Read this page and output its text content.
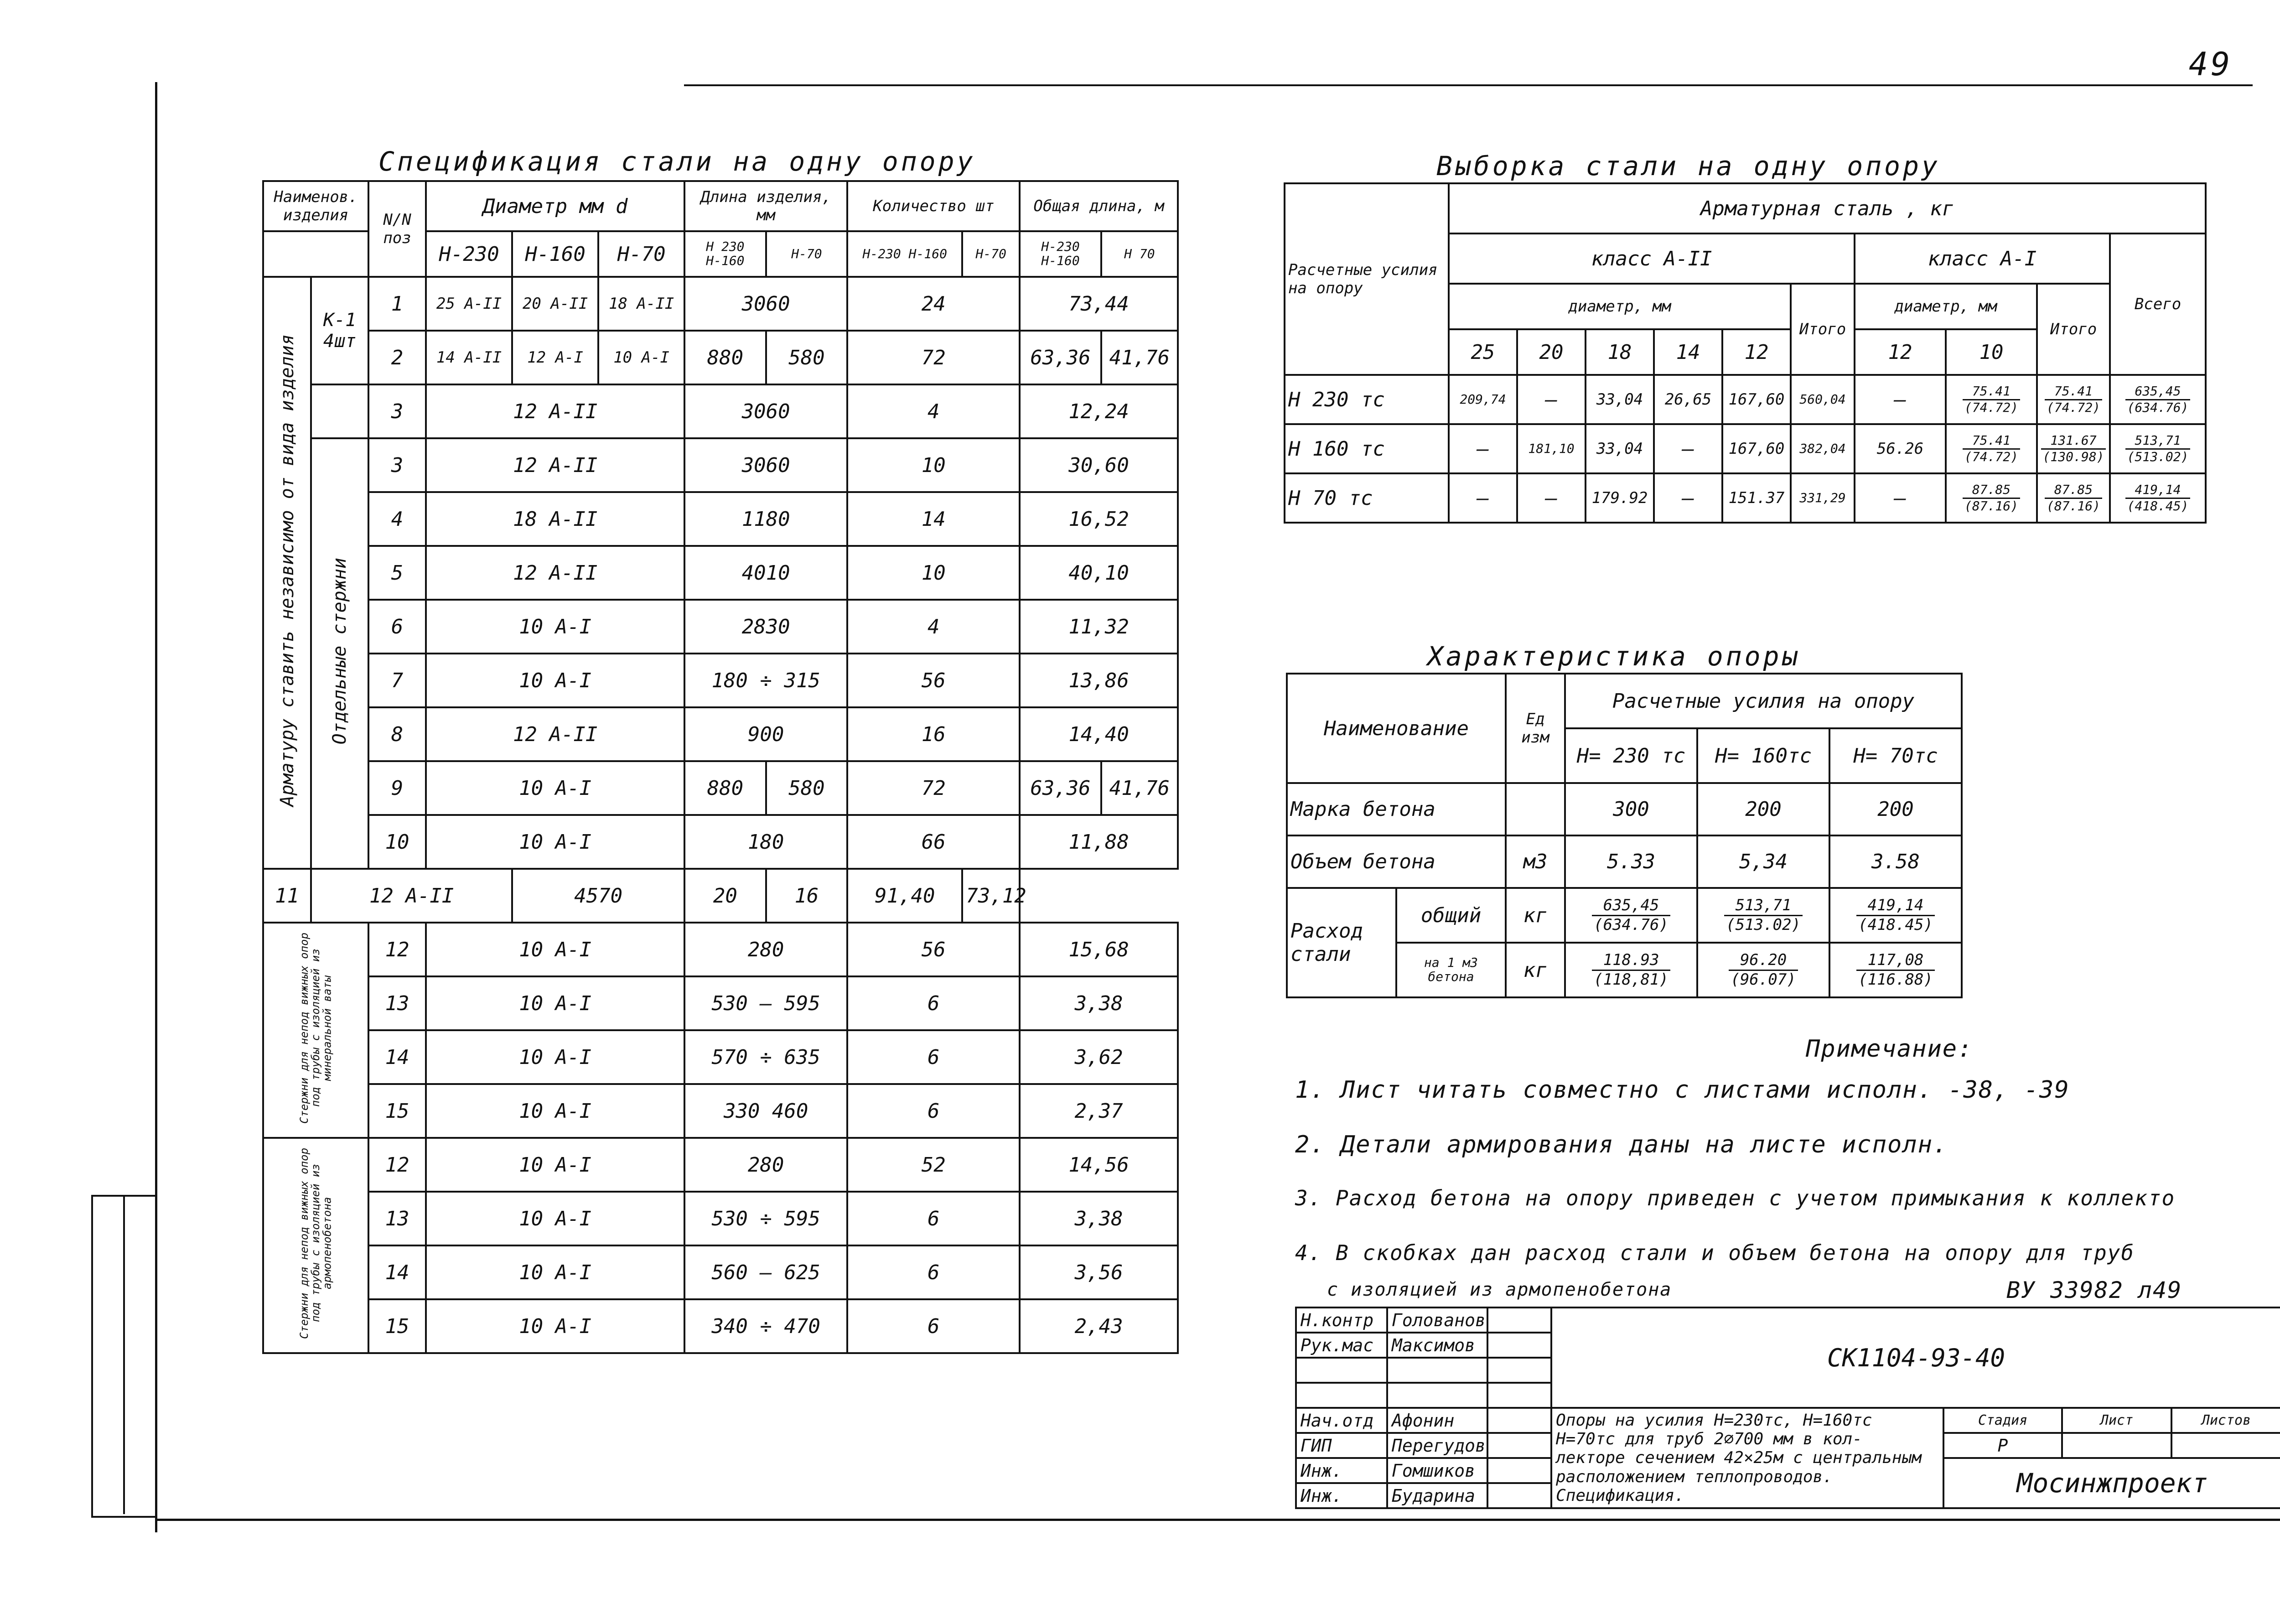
49
Спецификация стали на одну опору
Наименов. изделия		N/N поз	Диаметр мм d			Длина изделия, мм		Количество шт		Общая длина, м	
			Н-230	Н-160	Н-70	Н 230 Н-160	Н-70	Н-230 Н-160	Н-70	Н-230 Н-160	Н 70
Арматуру ставить независимо от вида изделия	К-1 4шт	1	25 А-II	20 А-II	18 А-II	3060		24		73,44	
		2	14 А-II	12 А-I	10 А-I	880	580	72		63,36	41,76
		3	12 А-II			3060		4		12,24	
	Отдельные стержни	3	12 А-II			3060		10		30,60	
		4	18 А-II			1180		14		16,52	
		5	12 А-II			4010		10		40,10	
		6	10 А-I			2830		4		11,32	
		7	10 А-I			180 ÷ 315		56		13,86	
		8	12 А-II			900		16		14,40	
		9	10 А-I			880	580	72		63,36	41,76
		10	10 А-I			180		66		11,88	
11	12 А-II			4570		20	16	91,40	73,12		
Стержни для непод вижных опор под трубы с изоляцией из минеральной ваты		12	10 А-I			280		56		15,68	
		13	10 А-I			530 — 595		6		3,38	
		14	10 А-I			570 ÷ 635		6		3,62	
		15	10 А-I			330 460		6		2,37	
Стержни для непод вижных опор под трубы с изоляцией из армопенобетона		12	10 А-I			280		52		14,56	
		13	10 А-I			530 ÷ 595		6		3,38	
		14	10 А-I			560 — 625		6		3,56	
		15	10 А-I			340 ÷ 470		6		2,43	
Выборка стали на одну опору
Расчетные усилия на опору	Арматурная сталь , кг									
	класс А-II						класс А-I			Всего
	диаметр, мм					Итого	диаметр, мм		Итого	
	25	20	18	14	12		12	10		
Н 230 тс	209,74	—	33,04	26,65	167,60	560,04	—	$\frac{75.41}{(74.72)}$	$\frac{75.41}{(74.72)}$	$\frac{635,45}{(634.76)}$

Н 160 тс	—	181,10	33,04	—	167,60	382,04	56.26	$\frac{75.41}{(74.72)}$	$\frac{131.67}{(130.98)}$	$\frac{513,71}{(513.02)}$

Н 70 тс	—	—	179.92	—	151.37	331,29	—	$\frac{87.85}{(87.16)}$	$\frac{87.85}{(87.16)}$	$\frac{419,14}{(418.45)}$
Характеристика опоры
Наименование		Ед изм	Расчетные усилия на опору		
			Н= 230 тс	Н= 160тс	Н= 70тс
Марка бетона			300	200	200
Объем бетона		м3	5.33	5,34	3.58
Расход стали	общий	кг	$\frac{635,45}{(634.76)}$	$\frac{513,71}{(513.02)}$	$\frac{419,14}{(418.45)}$

	на 1 м3 бетона	кг	$\frac{118.93}{(118,81)}$	$\frac{96.20}{(96.07)}$	$\frac{117,08}{(116.88)}$
Примечание:
1. Лист читать совместно с листами исполн. -38, -39
2. Детали армирования даны на листе исполн.
3. Расход бетона на опору приведен с учетом примыкания к коллекто
4. В скобках дан расход стали и объем бетона на опору для труб
с изоляцией из армопенобетона	ВУ 33982 л49
Н.контр	Голованов		СК1104-93-40			
Рук.мас	Максимов					

Нач.отд	Афонин		Опоры на усилия Н=230тс, Н=160тс Н=70тс для труб 2⌀700 мм в кол- лекторе сечением 42×25м с центральным расположением теплопроводов. Спецификация.	Стадия	Лист	Листов
ГИП	Перегудов			Р		
Инж.	Гомшиков			Мосинжпроект		
Инж.	Бударина					
